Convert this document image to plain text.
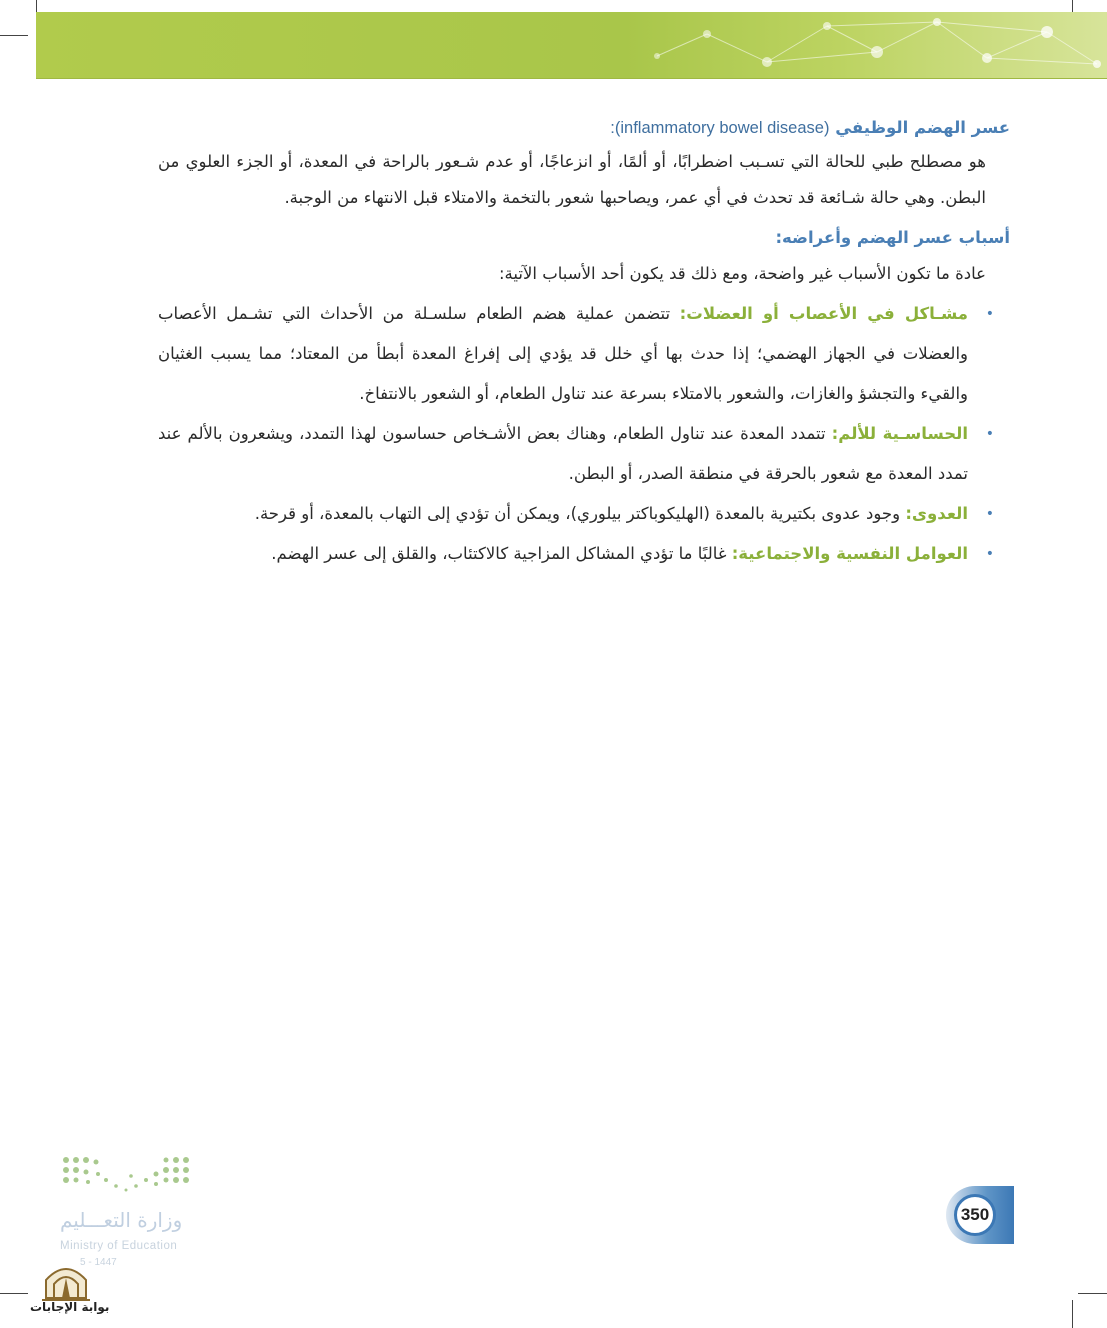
عسر الهضم الوظيفي (inflammatory bowel disease):

هو مصطلح طبي للحالة التي تسـبب اضطرابًا، أو ألمًا، أو انزعاجًا، أو عدم شـعور بالراحة في المعدة، أو الجزء العلوي من البطن. وهي حالة شـائعة قد تحدث في أي عمر، ويصاحبها شعور بالتخمة والامتلاء قبل الانتهاء من الوجبة.

أسباب عسر الهضم وأعراضه:

عادة ما تكون الأسباب غير واضحة، ومع ذلك قد يكون أحد الأسباب الآتية:

•
مشـاكل في الأعصاب أو العضلات: تتضمن عملية هضم الطعام سلسـلة من الأحداث التي تشـمل الأعصاب والعضلات في الجهاز الهضمي؛ إذا حدث بها أي خلل قد يؤدي إلى إفراغ المعدة أبطأ من المعتاد؛ مما يسبب الغثيان والقيء والتجشؤ والغازات، والشعور بالامتلاء بسرعة عند تناول الطعام، أو الشعور بالانتفاخ.
•
الحساسـية للألم: تتمدد المعدة عند تناول الطعام، وهناك بعض الأشـخاص حساسون لهذا التمدد، ويشعرون بالألم عند تمدد المعدة مع شعور بالحرقة في منطقة الصدر، أو البطن.
•
العدوى: وجود عدوى بكتيرية بالمعدة (الهليكوباكتر بيلوري)، ويمكن أن تؤدي إلى التهاب بالمعدة، أو قرحة.
•
العوامل النفسية والاجتماعية: غالبًا ما تؤدي المشاكل المزاجية كالاكتئاب، والقلق إلى عسر الهضم.
وزارة التعـــليم
Ministry of Education
5 - 1447
بوابة الإجابات
350
